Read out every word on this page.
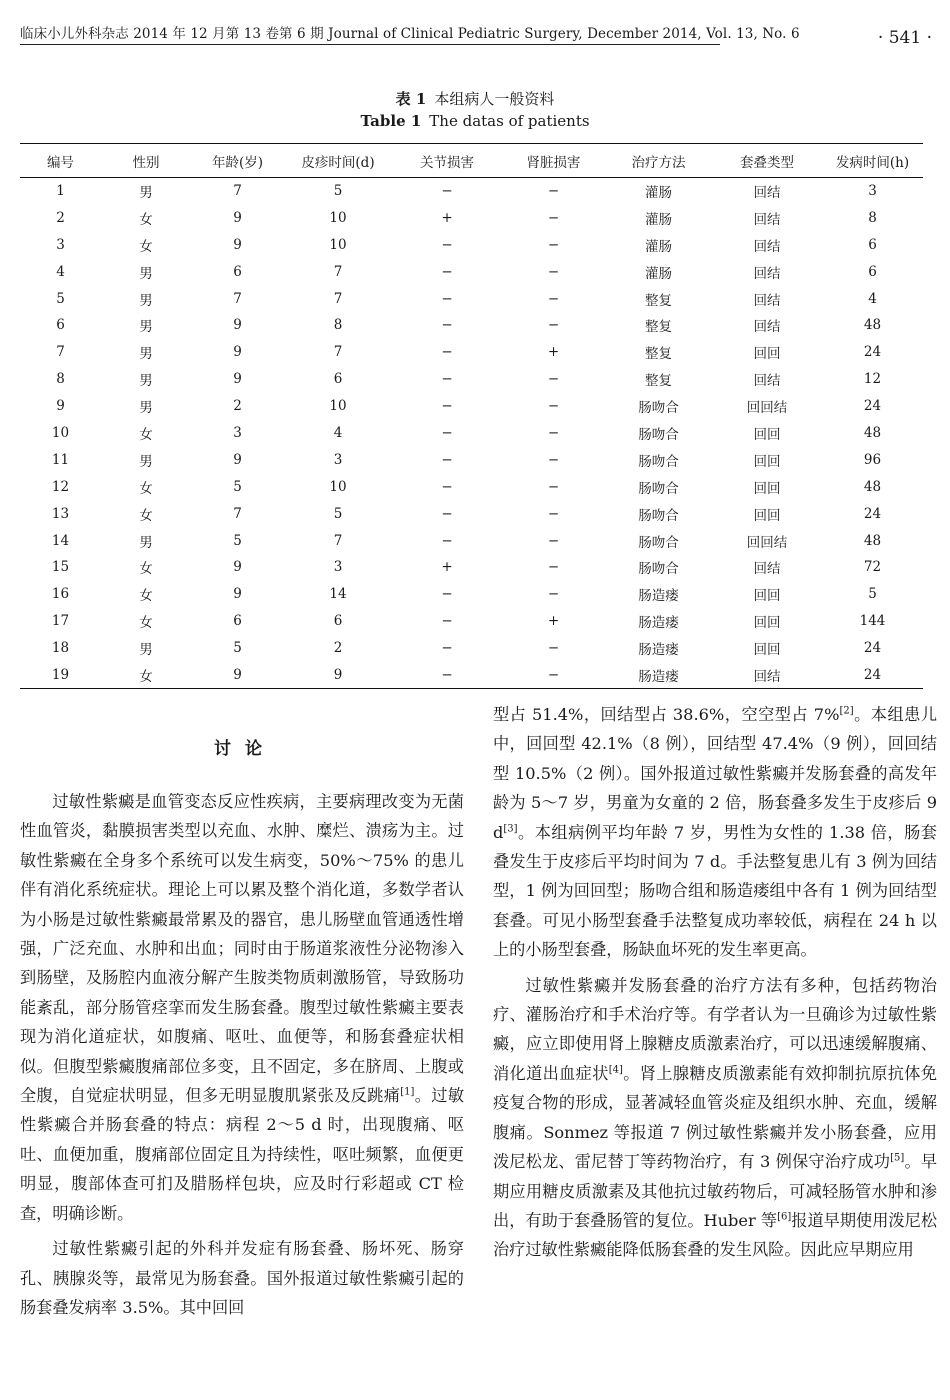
临床小儿外科杂志 2014 年 12 月第 13 卷第 6 期 Journal of Clinical Pediatric Surgery, December 2014, Vol. 13, No. 6	· 541 ·
表 1 本组病人一般资料
Table 1 The datas of patients
编号	性别	年龄(岁)	皮疹时间(d)	关节损害	肾脏损害	治疗方法	套叠类型	发病时间(h)
1	男	7	5	−	−	灌肠	回结	3
2	女	9	10	+	−	灌肠	回结	8
3	女	9	10	−	−	灌肠	回结	6
4	男	6	7	−	−	灌肠	回结	6
5	男	7	7	−	−	整复	回结	4
6	男	9	8	−	−	整复	回结	48
7	男	9	7	−	+	整复	回回	24
8	男	9	6	−	−	整复	回结	12
9	男	2	10	−	−	肠吻合	回回结	24
10	女	3	4	−	−	肠吻合	回回	48
11	男	9	3	−	−	肠吻合	回回	96
12	女	5	10	−	−	肠吻合	回回	48
13	女	7	5	−	−	肠吻合	回回	24
14	男	5	7	−	−	肠吻合	回回结	48
15	女	9	3	+	−	肠吻合	回结	72
16	女	9	14	−	−	肠造瘘	回回	5
17	女	6	6	−	+	肠造瘘	回回	144
18	男	5	2	−	−	肠造瘘	回回	24
19	女	9	9	−	−	肠造瘘	回结	24
讨论

过敏性紫癜是血管变态反应性疾病，主要病理改变为无菌性血管炎，黏膜损害类型以充血、水肿、糜烂、溃疡为主。过敏性紫癜在全身多个系统可以发生病变，50%～75% 的患儿伴有消化系统症状。理论上可以累及整个消化道，多数学者认为小肠是过敏性紫癜最常累及的器官，患儿肠壁血管通透性增强，广泛充血、水肿和出血；同时由于肠道浆液性分泌物渗入到肠壁，及肠腔内血液分解产生胺类物质刺激肠管，导致肠功能紊乱，部分肠管痉挛而发生肠套叠。腹型过敏性紫癜主要表现为消化道症状，如腹痛、呕吐、血便等，和肠套叠症状相似。但腹型紫癜腹痛部位多变，且不固定，多在脐周、上腹或全腹，自觉症状明显，但多无明显腹肌紧张及反跳痛[1]。过敏性紫癜合并肠套叠的特点：病程 2～5 d 时，出现腹痛、呕吐、血便加重，腹痛部位固定且为持续性，呕吐频繁，血便更明显，腹部体查可扪及腊肠样包块，应及时行彩超或 CT 检查，明确诊断。

过敏性紫癜引起的外科并发症有肠套叠、肠坏死、肠穿孔、胰腺炎等，最常见为肠套叠。国外报道过敏性紫癜引起的肠套叠发病率 3.5%。其中回回

型占 51.4%，回结型占 38.6%，空空型占 7%[2]。本组患儿中，回回型 42.1%（8 例），回结型 47.4%（9 例），回回结型 10.5%（2 例）。国外报道过敏性紫癜并发肠套叠的高发年龄为 5～7 岁，男童为女童的 2 倍，肠套叠多发生于皮疹后 9 d[3]。本组病例平均年龄 7 岁，男性为女性的 1.38 倍，肠套叠发生于皮疹后平均时间为 7 d。手法整复患儿有 3 例为回结型，1 例为回回型；肠吻合组和肠造瘘组中各有 1 例为回结型套叠。可见小肠型套叠手法整复成功率较低，病程在 24 h 以上的小肠型套叠，肠缺血坏死的发生率更高。

过敏性紫癜并发肠套叠的治疗方法有多种，包括药物治疗、灌肠治疗和手术治疗等。有学者认为一旦确诊为过敏性紫癜，应立即使用肾上腺糖皮质激素治疗，可以迅速缓解腹痛、消化道出血症状[4]。肾上腺糖皮质激素能有效抑制抗原抗体免疫复合物的形成，显著减轻血管炎症及组织水肿、充血，缓解腹痛。Sonmez 等报道 7 例过敏性紫癜并发小肠套叠，应用泼尼松龙、雷尼替丁等药物治疗，有 3 例保守治疗成功[5]。早期应用糖皮质激素及其他抗过敏药物后，可减轻肠管水肿和渗出，有助于套叠肠管的复位。Huber 等[6]报道早期使用泼尼松治疗过敏性紫癜能降低肠套叠的发生风险。因此应早期应用
